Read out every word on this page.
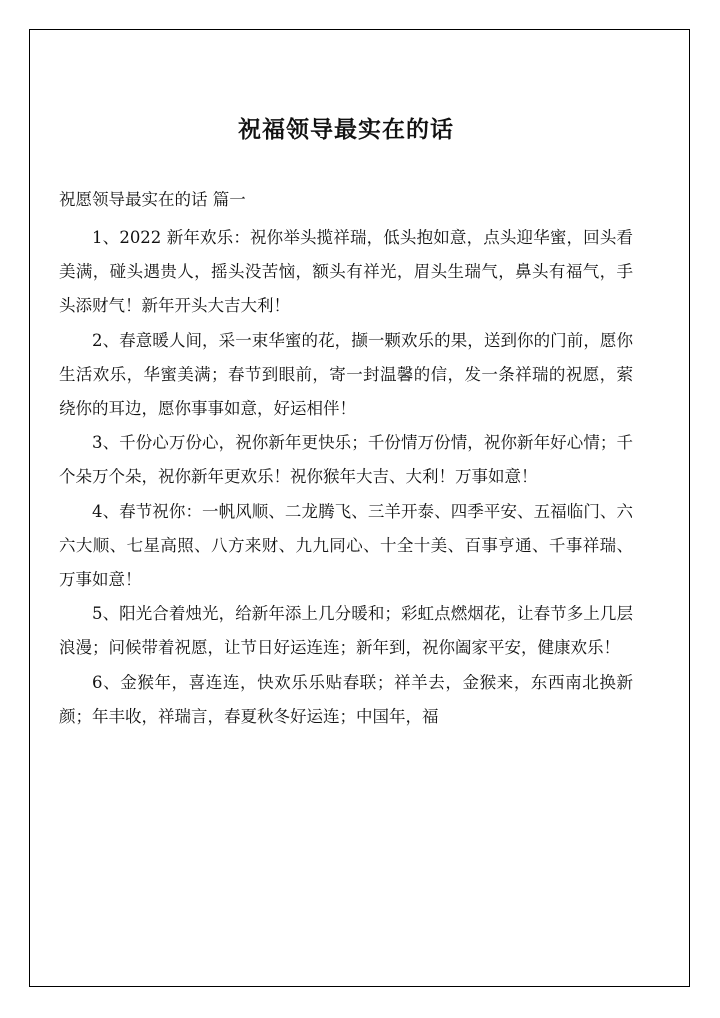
祝福领导最实在的话
祝愿领导最实在的话 篇一

1、2022 新年欢乐：祝你举头揽祥瑞，低头抱如意，点头迎华蜜，回头看美满，碰头遇贵人，摇头没苦恼，额头有祥光，眉头生瑞气，鼻头有福气，手头添财气！新年开头大吉大利！

2、春意暖人间，采一束华蜜的花，撷一颗欢乐的果，送到你的门前，愿你生活欢乐，华蜜美满；春节到眼前，寄一封温馨的信，发一条祥瑞的祝愿，萦绕你的耳边，愿你事事如意，好运相伴！

3、千份心万份心，祝你新年更快乐；千份情万份情，祝你新年好心情；千个朵万个朵，祝你新年更欢乐！祝你猴年大吉、大利！万事如意！

4、春节祝你：一帆风顺、二龙腾飞、三羊开泰、四季平安、五福临门、六六大顺、七星高照、八方来财、九九同心、十全十美、百事亨通、千事祥瑞、万事如意！

5、阳光合着烛光，给新年添上几分暖和；彩虹点燃烟花，让春节多上几层浪漫；问候带着祝愿，让节日好运连连；新年到，祝你阖家平安，健康欢乐！

6、金猴年，喜连连，快欢乐乐贴春联；祥羊去，金猴来，东西南北换新颜；年丰收，祥瑞言，春夏秋冬好运连；中国年，福
